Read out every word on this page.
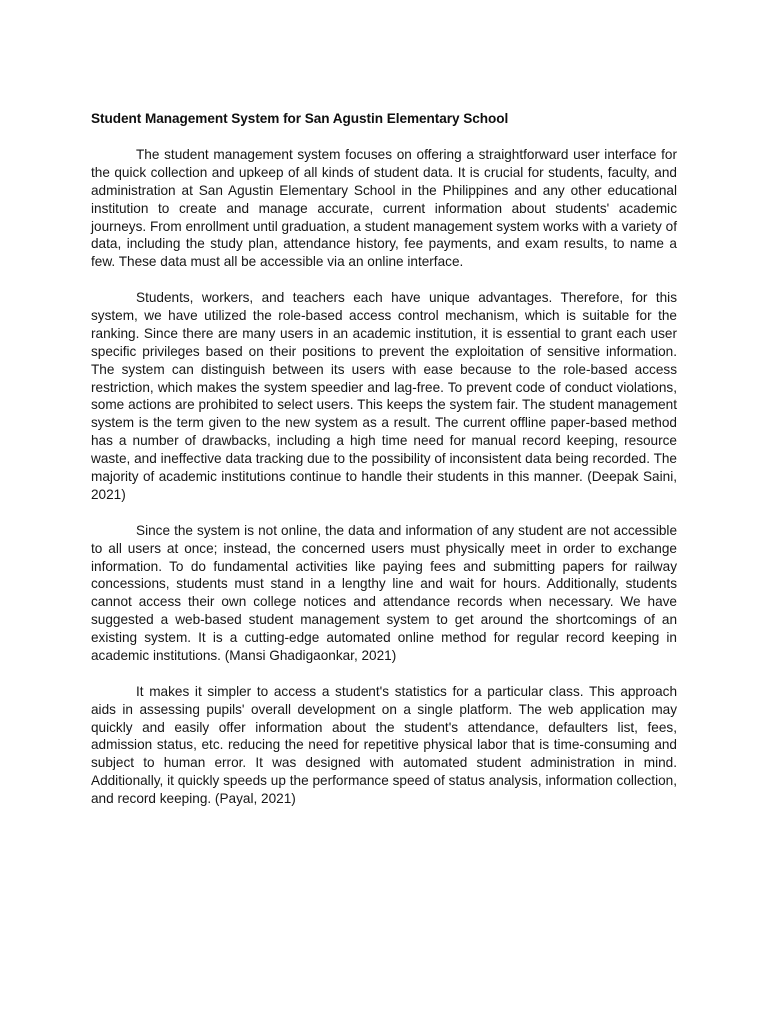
Student Management System for San Agustin Elementary School

The student management system focuses on offering a straightforward user interface for the quick collection and upkeep of all kinds of student data. It is crucial for students, faculty, and administration at San Agustin Elementary School in the Philippines and any other educational institution to create and manage accurate, current information about students' academic journeys. From enrollment until graduation, a student management system works with a variety of data, including the study plan, attendance history, fee payments, and exam results, to name a few. These data must all be accessible via an online interface.

Students, workers, and teachers each have unique advantages. Therefore, for this system, we have utilized the role-based access control mechanism, which is suitable for the ranking. Since there are many users in an academic institution, it is essential to grant each user specific privileges based on their positions to prevent the exploitation of sensitive information. The system can distinguish between its users with ease because to the role-based access restriction, which makes the system speedier and lag-free. To prevent code of conduct violations, some actions are prohibited to select users. This keeps the system fair. The student management system is the term given to the new system as a result. The current offline paper-based method has a number of drawbacks, including a high time need for manual record keeping, resource waste, and ineffective data tracking due to the possibility of inconsistent data being recorded. The majority of academic institutions continue to handle their students in this manner. (Deepak Saini, 2021)

Since the system is not online, the data and information of any student are not accessible to all users at once; instead, the concerned users must physically meet in order to exchange information. To do fundamental activities like paying fees and submitting papers for railway concessions, students must stand in a lengthy line and wait for hours. Additionally, students cannot access their own college notices and attendance records when necessary. We have suggested a web-based student management system to get around the shortcomings of an existing system. It is a cutting-edge automated online method for regular record keeping in academic institutions. (Mansi Ghadigaonkar, 2021)

It makes it simpler to access a student's statistics for a particular class. This approach aids in assessing pupils' overall development on a single platform. The web application may quickly and easily offer information about the student's attendance, defaulters list, fees, admission status, etc. reducing the need for repetitive physical labor that is time-consuming and subject to human error. It was designed with automated student administration in mind. Additionally, it quickly speeds up the performance speed of status analysis, information collection, and record keeping. (Payal, 2021)
